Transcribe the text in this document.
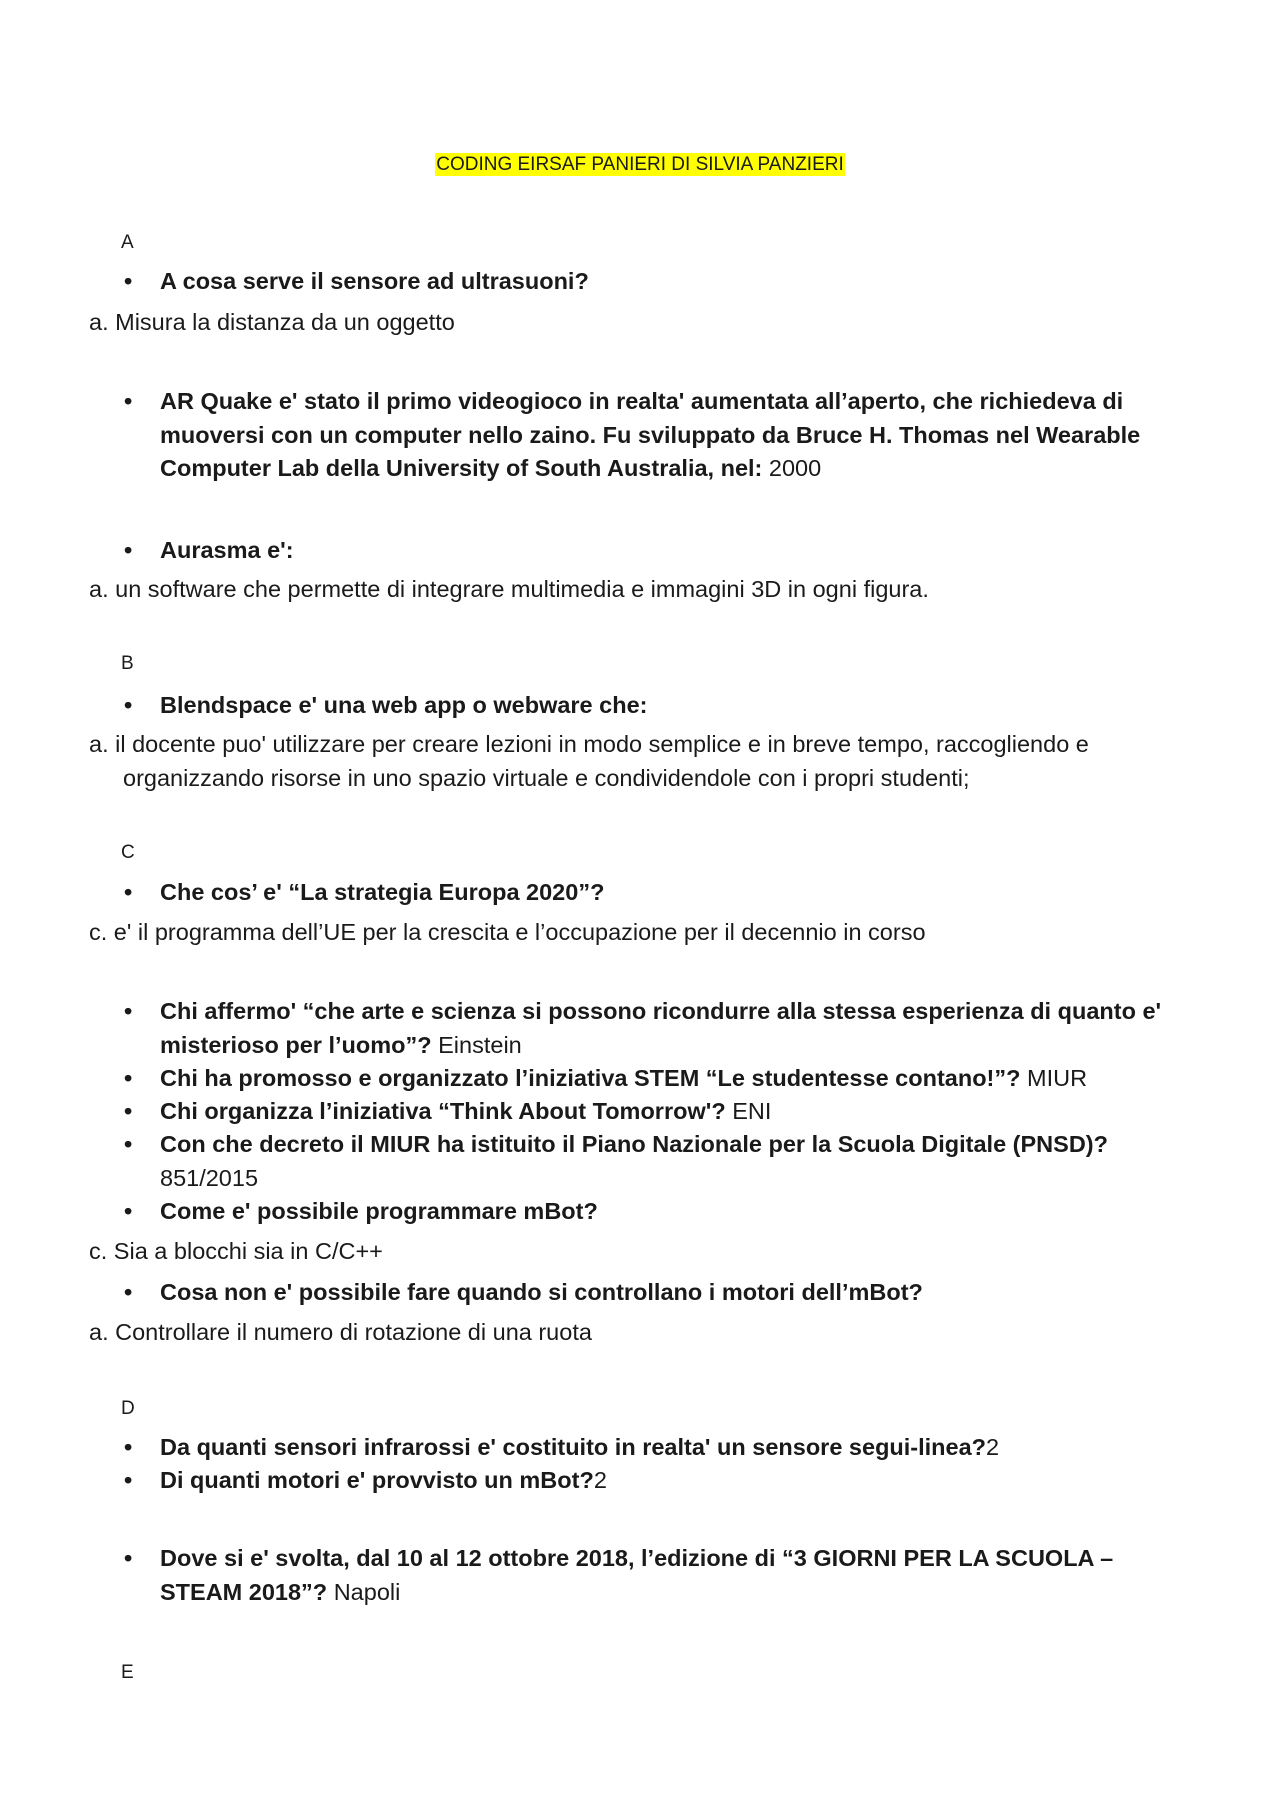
CODING EIRSAF PANIERI DI SILVIA PANZIERI
A
• A cosa serve il sensore ad ultrasuoni?
a. Misura la distanza da un oggetto
• AR Quake e' stato il primo videogioco in realta' aumentata all’aperto, che richiedeva di muoversi con un computer nello zaino. Fu sviluppato da Bruce H. Thomas nel Wearable Computer Lab della University of South Australia, nel: 2000
• Aurasma e':
a. un software che permette di integrare multimedia e immagini 3D in ogni figura.
B
• Blendspace e' una web app o webware che:
a. il docente puo' utilizzare per creare lezioni in modo semplice e in breve tempo, raccogliendo e organizzando risorse in uno spazio virtuale e condividendole con i propri studenti;
C
• Che cos’ e' “La strategia Europa 2020”?
c. e' il programma dell’UE per la crescita e l’occupazione per il decennio in corso
• Chi affermo' “che arte e scienza si possono ricondurre alla stessa esperienza di quanto e' misterioso per l’uomo”? Einstein
• Chi ha promosso e organizzato l’iniziativa STEM “Le studentesse contano!”? MIUR
• Chi organizza l’iniziativa “Think About Tomorrow'? ENI
• Con che decreto il MIUR ha istituito il Piano Nazionale per la Scuola Digitale (PNSD)? 851/2015
• Come e' possibile programmare mBot?
c. Sia a blocchi sia in C/C++
• Cosa non e' possibile fare quando si controllano i motori dell’mBot?
a. Controllare il numero di rotazione di una ruota
D
• Da quanti sensori infrarossi e' costituito in realta' un sensore segui-linea?2
• Di quanti motori e' provvisto un mBot?2
• Dove si e' svolta, dal 10 al 12 ottobre 2018, l’edizione di “3 GIORNI PER LA SCUOLA – STEAM 2018”? Napoli
E
